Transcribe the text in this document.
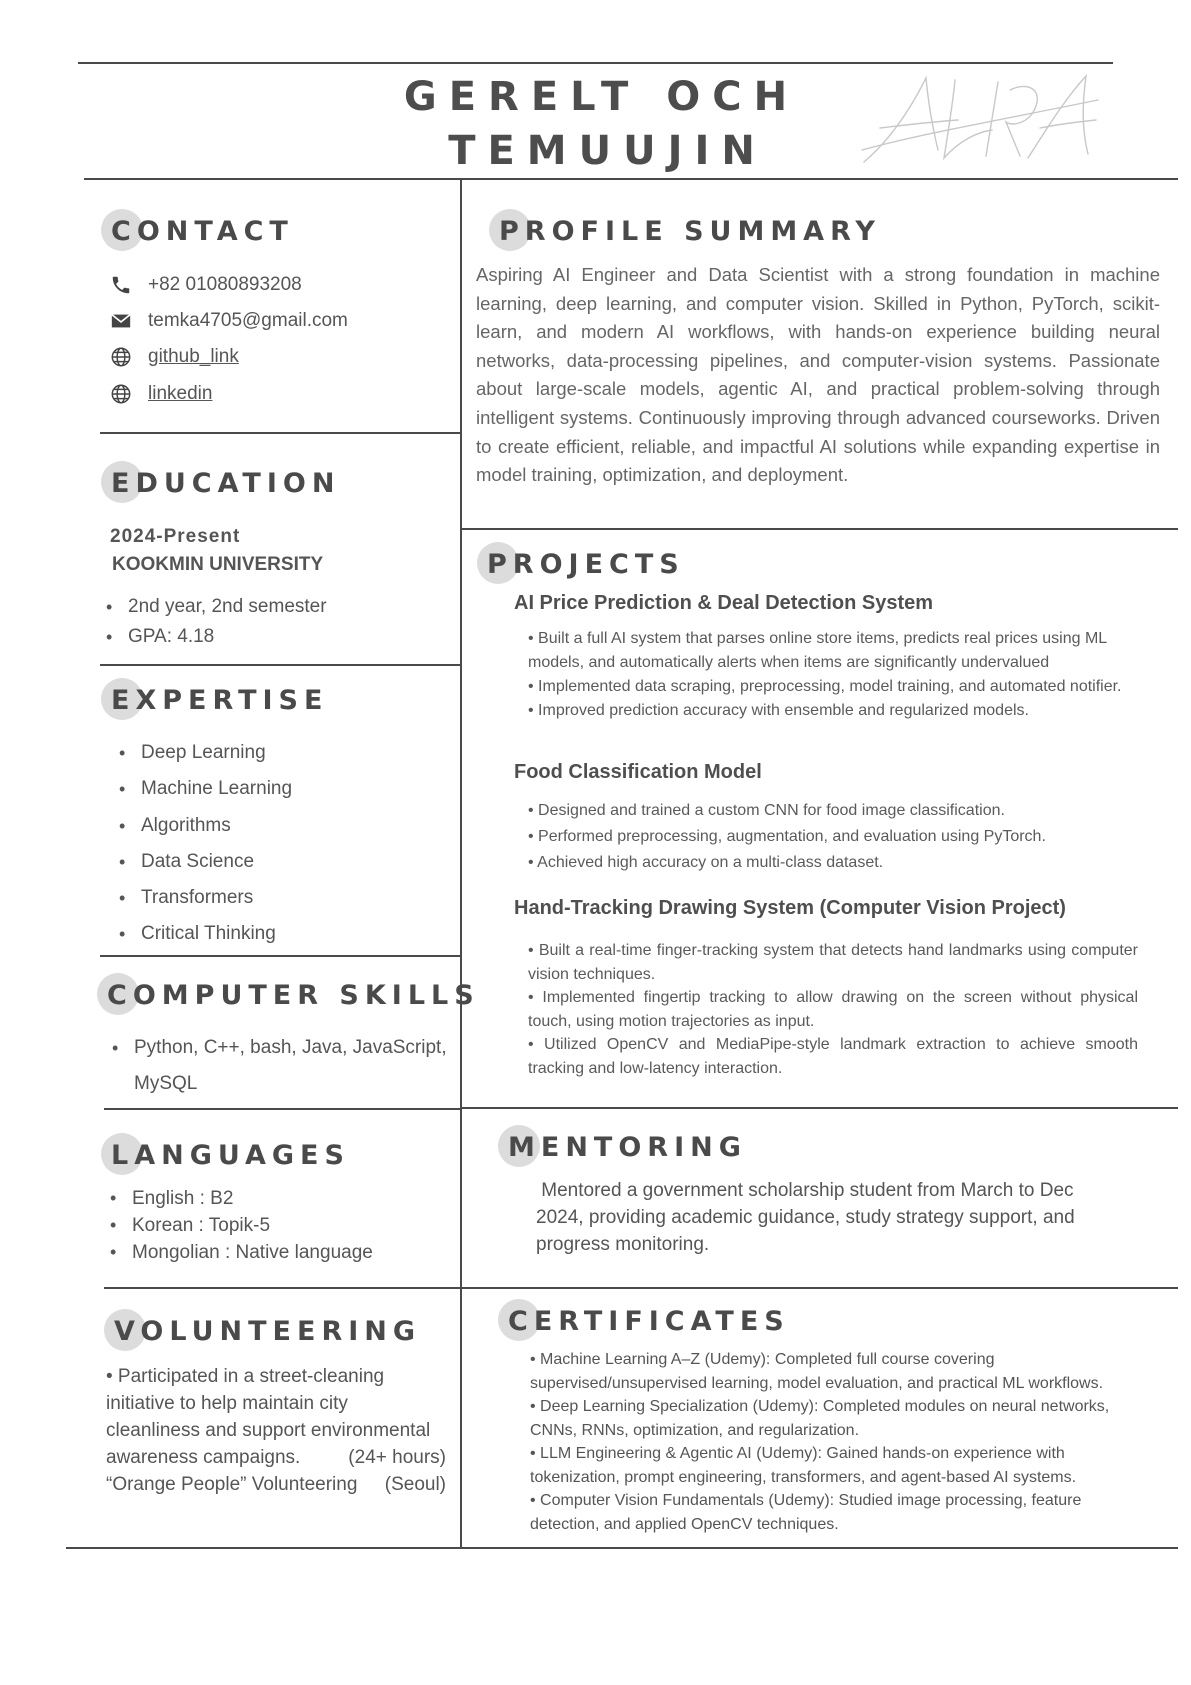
GERELT OCH
TEMUUJIN
CONTACT
+82 01080893208
temka4705@gmail.com
github_link
linkedin
EDUCATION
2024-Present
KOOKMIN UNIVERSITY
• 2nd year, 2nd semester
• GPA: 4.18
EXPERTISE
• Deep Learning
• Machine Learning
• Algorithms
• Data Science
• Transformers
• Critical Thinking
COMPUTER SKILLS
• Python, C++, bash, Java, JavaScript,
MySQL
LANGUAGES
• English : B2
• Korean : Topik-5
• Mongolian : Native language
VOLUNTEERING
• Participated in a street-cleaning
initiative to help maintain city
cleanliness and support environmental
awareness campaigns.	(24+ hours)
“Orange People” Volunteering (Seoul)
PROFILE SUMMARY
Aspiring AI Engineer and Data Scientist with a strong foundation in machine learning, deep learning, and computer vision. Skilled in Python, PyTorch, scikit-learn, and modern AI workflows, with hands-on experience building neural networks, data-processing pipelines, and computer-vision systems. Passionate about large-scale models, agentic AI, and practical problem-solving through intelligent systems. Continuously improving through advanced courseworks. Driven to create efficient, reliable, and impactful AI solutions while expanding expertise in model training, optimization, and deployment.
PROJECTS
AI Price Prediction & Deal Detection System
• Built a full AI system that parses online store items, predicts real prices using ML models, and automatically alerts when items are significantly undervalued
• Implemented data scraping, preprocessing, model training, and automated notifier.
• Improved prediction accuracy with ensemble and regularized models.
Food Classification Model
• Designed and trained a custom CNN for food image classification.
• Performed preprocessing, augmentation, and evaluation using PyTorch.
• Achieved high accuracy on a multi-class dataset.
Hand-Tracking Drawing System (Computer Vision Project)
• Built a real-time finger-tracking system that detects hand landmarks using computer vision techniques.
• Implemented fingertip tracking to allow drawing on the screen without physical touch, using motion trajectories as input.
• Utilized OpenCV and MediaPipe-style landmark extraction to achieve smooth tracking and low-latency interaction.
MENTORING
Mentored a government scholarship student from March to Dec
2024, providing academic guidance, study strategy support, and
progress monitoring.
CERTIFICATES
• Machine Learning A–Z (Udemy): Completed full course covering
supervised/unsupervised learning, model evaluation, and practical ML workflows.
• Deep Learning Specialization (Udemy): Completed modules on neural networks,
CNNs, RNNs, optimization, and regularization.
• LLM Engineering & Agentic AI (Udemy): Gained hands-on experience with
tokenization, prompt engineering, transformers, and agent-based AI systems.
• Computer Vision Fundamentals (Udemy): Studied image processing, feature
detection, and applied OpenCV techniques.
